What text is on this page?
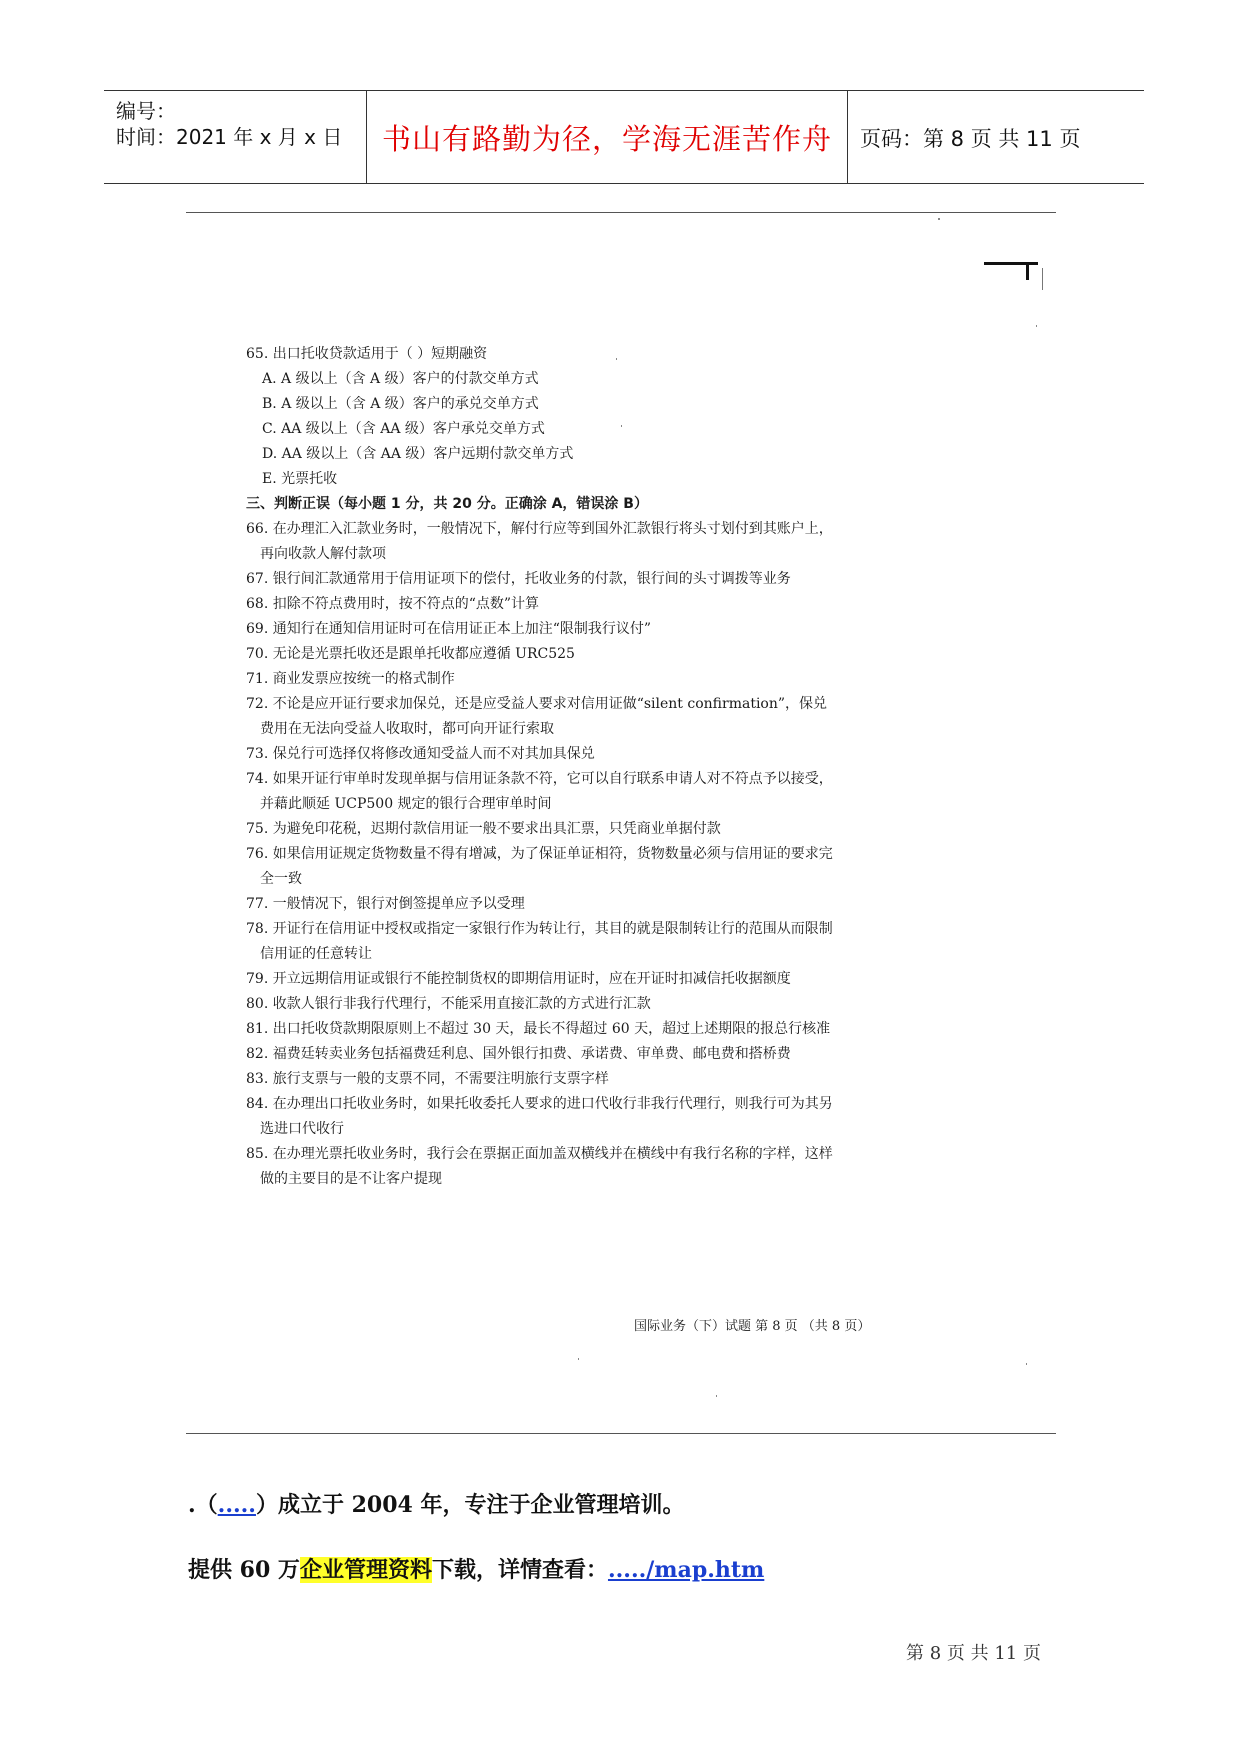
编号：
时间：2021 年 x 月 x 日	书山有路勤为径，学海无涯苦作舟	页码：第 8 页 共 11 页
65. 出口托收贷款适用于（ ）短期融资
A. A 级以上（含 A 级）客户的付款交单方式
B. A 级以上（含 A 级）客户的承兑交单方式
C. AA 级以上（含 AA 级）客户承兑交单方式
D. AA 级以上（含 AA 级）客户远期付款交单方式
E. 光票托收
三、判断正误（每小题 1 分，共 20 分。正确涂 A，错误涂 B）
66. 在办理汇入汇款业务时，一般情况下，解付行应等到国外汇款银行将头寸划付到其账户上，
再向收款人解付款项
67. 银行间汇款通常用于信用证项下的偿付，托收业务的付款，银行间的头寸调拨等业务
68. 扣除不符点费用时，按不符点的“点数”计算
69. 通知行在通知信用证时可在信用证正本上加注“限制我行议付”
70. 无论是光票托收还是跟单托收都应遵循 URC525
71. 商业发票应按统一的格式制作
72. 不论是应开证行要求加保兑，还是应受益人要求对信用证做“silent confirmation”，保兑
费用在无法向受益人收取时，都可向开证行索取
73. 保兑行可选择仅将修改通知受益人而不对其加具保兑
74. 如果开证行审单时发现单据与信用证条款不符，它可以自行联系申请人对不符点予以接受，
并藉此顺延 UCP500 规定的银行合理审单时间
75. 为避免印花税，迟期付款信用证一般不要求出具汇票，只凭商业单据付款
76. 如果信用证规定货物数量不得有增减，为了保证单证相符，货物数量必须与信用证的要求完
全一致
77. 一般情况下，银行对倒签提单应予以受理
78. 开证行在信用证中授权或指定一家银行作为转让行，其目的就是限制转让行的范围从而限制
信用证的任意转让
79. 开立远期信用证或银行不能控制货权的即期信用证时，应在开证时扣减信托收据额度
80. 收款人银行非我行代理行，不能采用直接汇款的方式进行汇款
81. 出口托收贷款期限原则上不超过 30 天，最长不得超过 60 天，超过上述期限的报总行核准
82. 福费廷转卖业务包括福费廷利息、国外银行扣费、承诺费、审单费、邮电费和搭桥费
83. 旅行支票与一般的支票不同，不需要注明旅行支票字样
84. 在办理出口托收业务时，如果托收委托人要求的进口代收行非我行代理行，则我行可为其另
选进口代收行
85. 在办理光票托收业务时，我行会在票据正面加盖双横线并在横线中有我行名称的字样，这样
做的主要目的是不让客户提现
国际业务（下）试题 第 8 页 （共 8 页）
.（.....）成立于 2004 年，专注于企业管理培训。
提供 60 万企业管理资料下载，详情查看：...../map.htm
第 8 页 共 11 页
